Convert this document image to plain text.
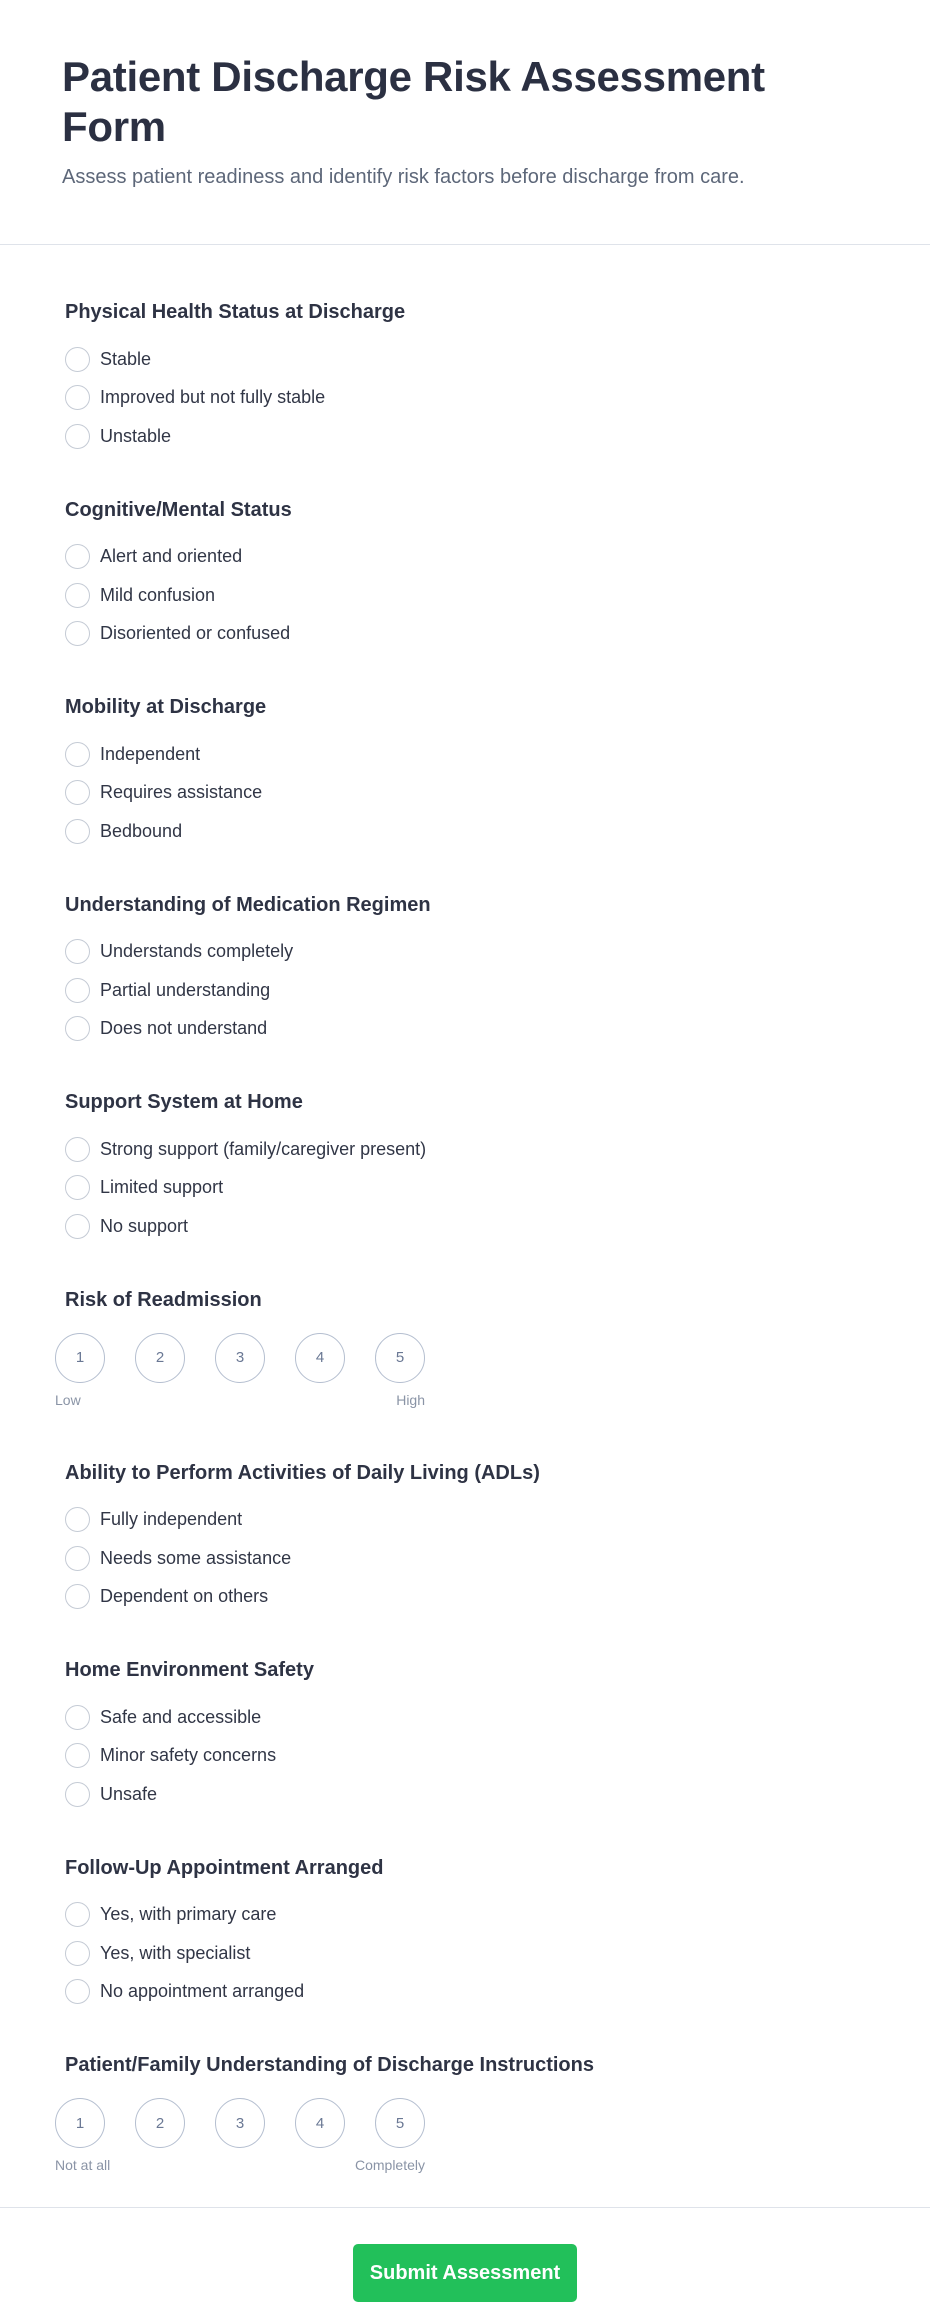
Patient Discharge Risk Assessment Form

Assess patient readiness and identify risk factors before discharge from care.

Physical Health Status at Discharge
Stable
Improved but not fully stable
Unstable
Cognitive/Mental Status
Alert and oriented
Mild confusion
Disoriented or confused
Mobility at Discharge
Independent
Requires assistance
Bedbound
Understanding of Medication Regimen
Understands completely
Partial understanding
Does not understand
Support System at Home
Strong support (family/caregiver present)
Limited support
No support
Risk of Readmission
1	2	3	4	5
Low	High
Ability to Perform Activities of Daily Living (ADLs)
Fully independent
Needs some assistance
Dependent on others
Home Environment Safety
Safe and accessible
Minor safety concerns
Unsafe
Follow-Up Appointment Arranged
Yes, with primary care
Yes, with specialist
No appointment arranged
Patient/Family Understanding of Discharge Instructions
1	2	3	4	5
Not at all	Completely
Submit Assessment
